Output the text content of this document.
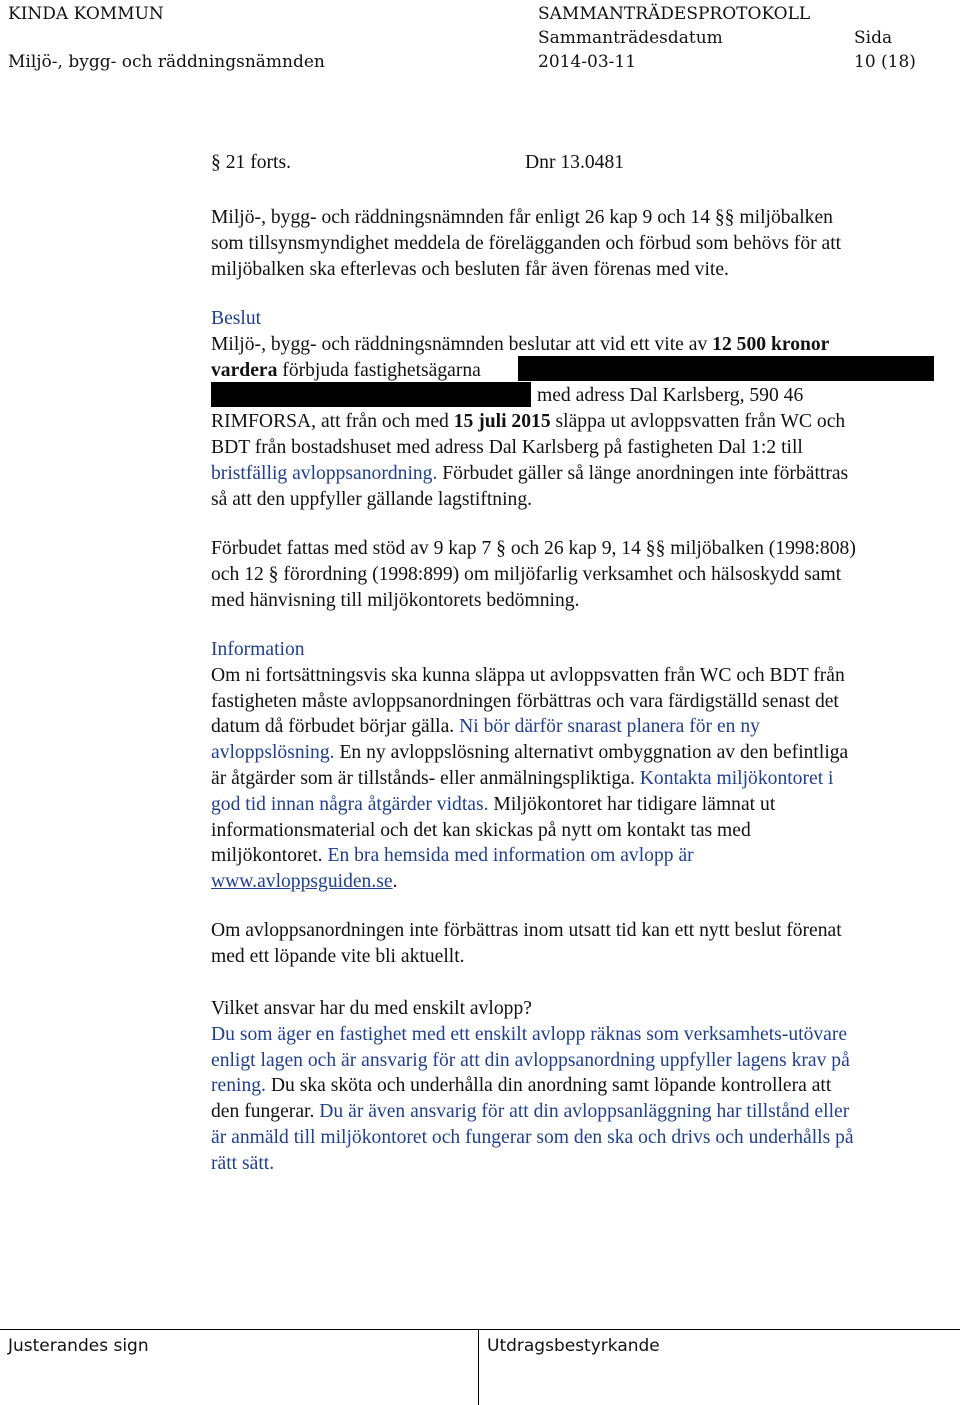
KINDA KOMMUN	SAMMANTRÄDESPROTOKOLL
Miljö-, bygg- och räddningsnämnden
Sammanträdesdatum
2014-03-11
Sida
10 (18)
§ 21 forts.	Dnr 13.0481
Miljö-, bygg- och räddningsnämnden får enligt 26 kap 9 och 14 §§ miljöbalken
som tillsynsmyndighet meddela de förelägganden och förbud som behövs för att
miljöbalken ska efterlevas och besluten får även förenas med vite.
Beslut
Miljö-, bygg- och räddningsnämnden beslutar att vid ett vite av 12 500 kronor
vardera förbjuda fastighetsägarna
med adress Dal Karlsberg, 590 46
RIMFORSA, att från och med 15 juli 2015 släppa ut avloppsvatten från WC och
BDT från bostadshuset med adress Dal Karlsberg på fastigheten Dal 1:2 till
bristfällig avloppsanordning. Förbudet gäller så länge anordningen inte förbättras
så att den uppfyller gällande lagstiftning.
Förbudet fattas med stöd av 9 kap 7 § och 26 kap 9, 14 §§ miljöbalken (1998:808)
och 12 § förordning (1998:899) om miljöfarlig verksamhet och hälsoskydd samt
med hänvisning till miljökontorets bedömning.
Information
Om ni fortsättningsvis ska kunna släppa ut avloppsvatten från WC och BDT från
fastigheten måste avloppsanordningen förbättras och vara färdigställd senast det
datum då förbudet börjar gälla. Ni bör därför snarast planera för en ny
avloppslösning. En ny avloppslösning alternativt ombyggnation av den befintliga
är åtgärder som är tillstånds- eller anmälningspliktiga. Kontakta miljökontoret i
god tid innan några åtgärder vidtas. Miljökontoret har tidigare lämnat ut
informationsmaterial och det kan skickas på nytt om kontakt tas med
miljökontoret. En bra hemsida med information om avlopp är
www.avloppsguiden.se.
Om avloppsanordningen inte förbättras inom utsatt tid kan ett nytt beslut förenat
med ett löpande vite bli aktuellt.
Vilket ansvar har du med enskilt avlopp?
Du som äger en fastighet med ett enskilt avlopp räknas som verksamhets-utövare
enligt lagen och är ansvarig för att din avloppsanordning uppfyller lagens krav på
rening. Du ska sköta och underhålla din anordning samt löpande kontrollera att
den fungerar. Du är även ansvarig för att din avloppsanläggning har tillstånd eller
är anmäld till miljökontoret och fungerar som den ska och drivs och underhålls på
rätt sätt.
Justerandes sign	Utdragsbestyrkande
